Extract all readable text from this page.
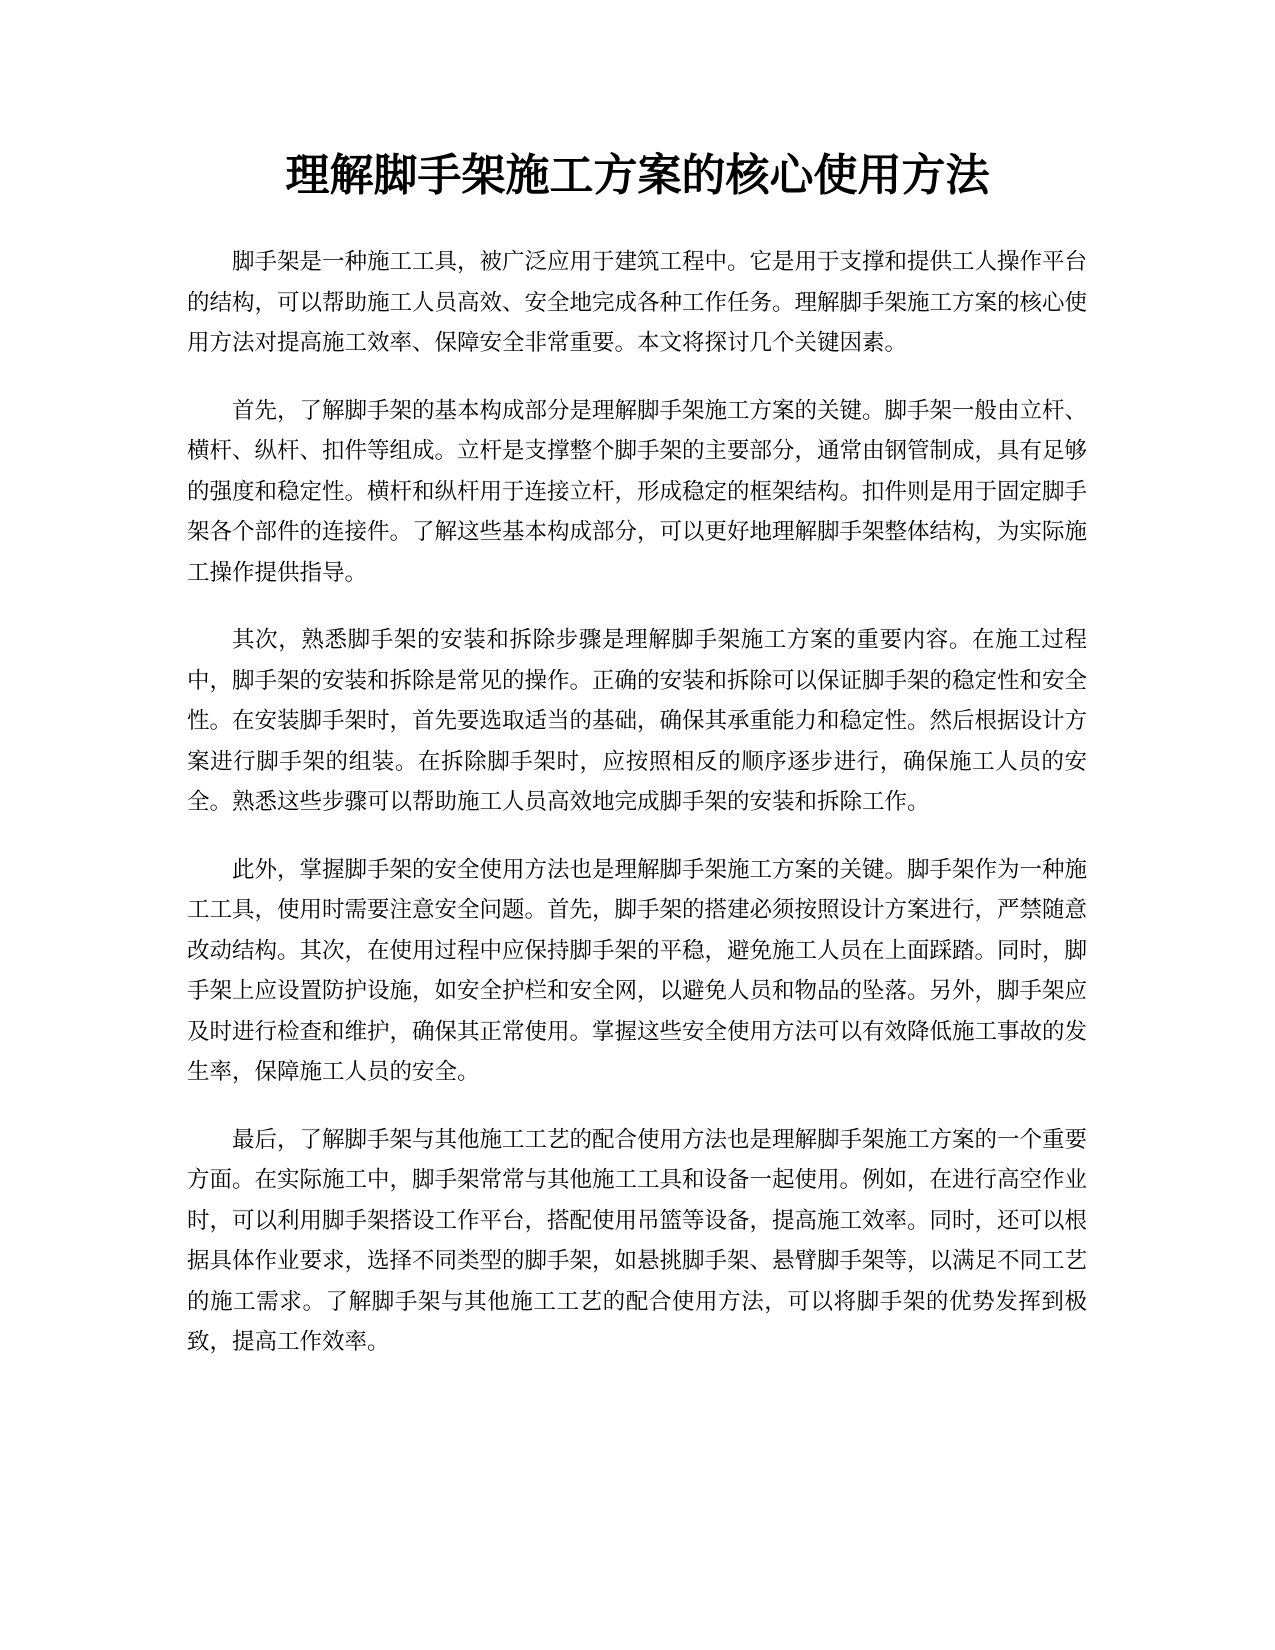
理解脚手架施工方案的核心使用方法

脚手架是一种施工工具，被广泛应用于建筑工程中。它是用于支撑和提供工人操作平台的结构，可以帮助施工人员高效、安全地完成各种工作任务。理解脚手架施工方案的核心使用方法对提高施工效率、保障安全非常重要。本文将探讨几个关键因素。

首先，了解脚手架的基本构成部分是理解脚手架施工方案的关键。脚手架一般由立杆、横杆、纵杆、扣件等组成。立杆是支撑整个脚手架的主要部分，通常由钢管制成，具有足够的强度和稳定性。横杆和纵杆用于连接立杆，形成稳定的框架结构。扣件则是用于固定脚手架各个部件的连接件。了解这些基本构成部分，可以更好地理解脚手架整体结构，为实际施工操作提供指导。

其次，熟悉脚手架的安装和拆除步骤是理解脚手架施工方案的重要内容。在施工过程中，脚手架的安装和拆除是常见的操作。正确的安装和拆除可以保证脚手架的稳定性和安全性。在安装脚手架时，首先要选取适当的基础，确保其承重能力和稳定性。然后根据设计方案进行脚手架的组装。在拆除脚手架时，应按照相反的顺序逐步进行，确保施工人员的安全。熟悉这些步骤可以帮助施工人员高效地完成脚手架的安装和拆除工作。

此外，掌握脚手架的安全使用方法也是理解脚手架施工方案的关键。脚手架作为一种施工工具，使用时需要注意安全问题。首先，脚手架的搭建必须按照设计方案进行，严禁随意改动结构。其次，在使用过程中应保持脚手架的平稳，避免施工人员在上面踩踏。同时，脚手架上应设置防护设施，如安全护栏和安全网，以避免人员和物品的坠落。另外，脚手架应及时进行检查和维护，确保其正常使用。掌握这些安全使用方法可以有效降低施工事故的发生率，保障施工人员的安全。

最后，了解脚手架与其他施工工艺的配合使用方法也是理解脚手架施工方案的一个重要方面。在实际施工中，脚手架常常与其他施工工具和设备一起使用。例如，在进行高空作业时，可以利用脚手架搭设工作平台，搭配使用吊篮等设备，提高施工效率。同时，还可以根据具体作业要求，选择不同类型的脚手架，如悬挑脚手架、悬臂脚手架等，以满足不同工艺的施工需求。了解脚手架与其他施工工艺的配合使用方法，可以将脚手架的优势发挥到极致，提高工作效率。
